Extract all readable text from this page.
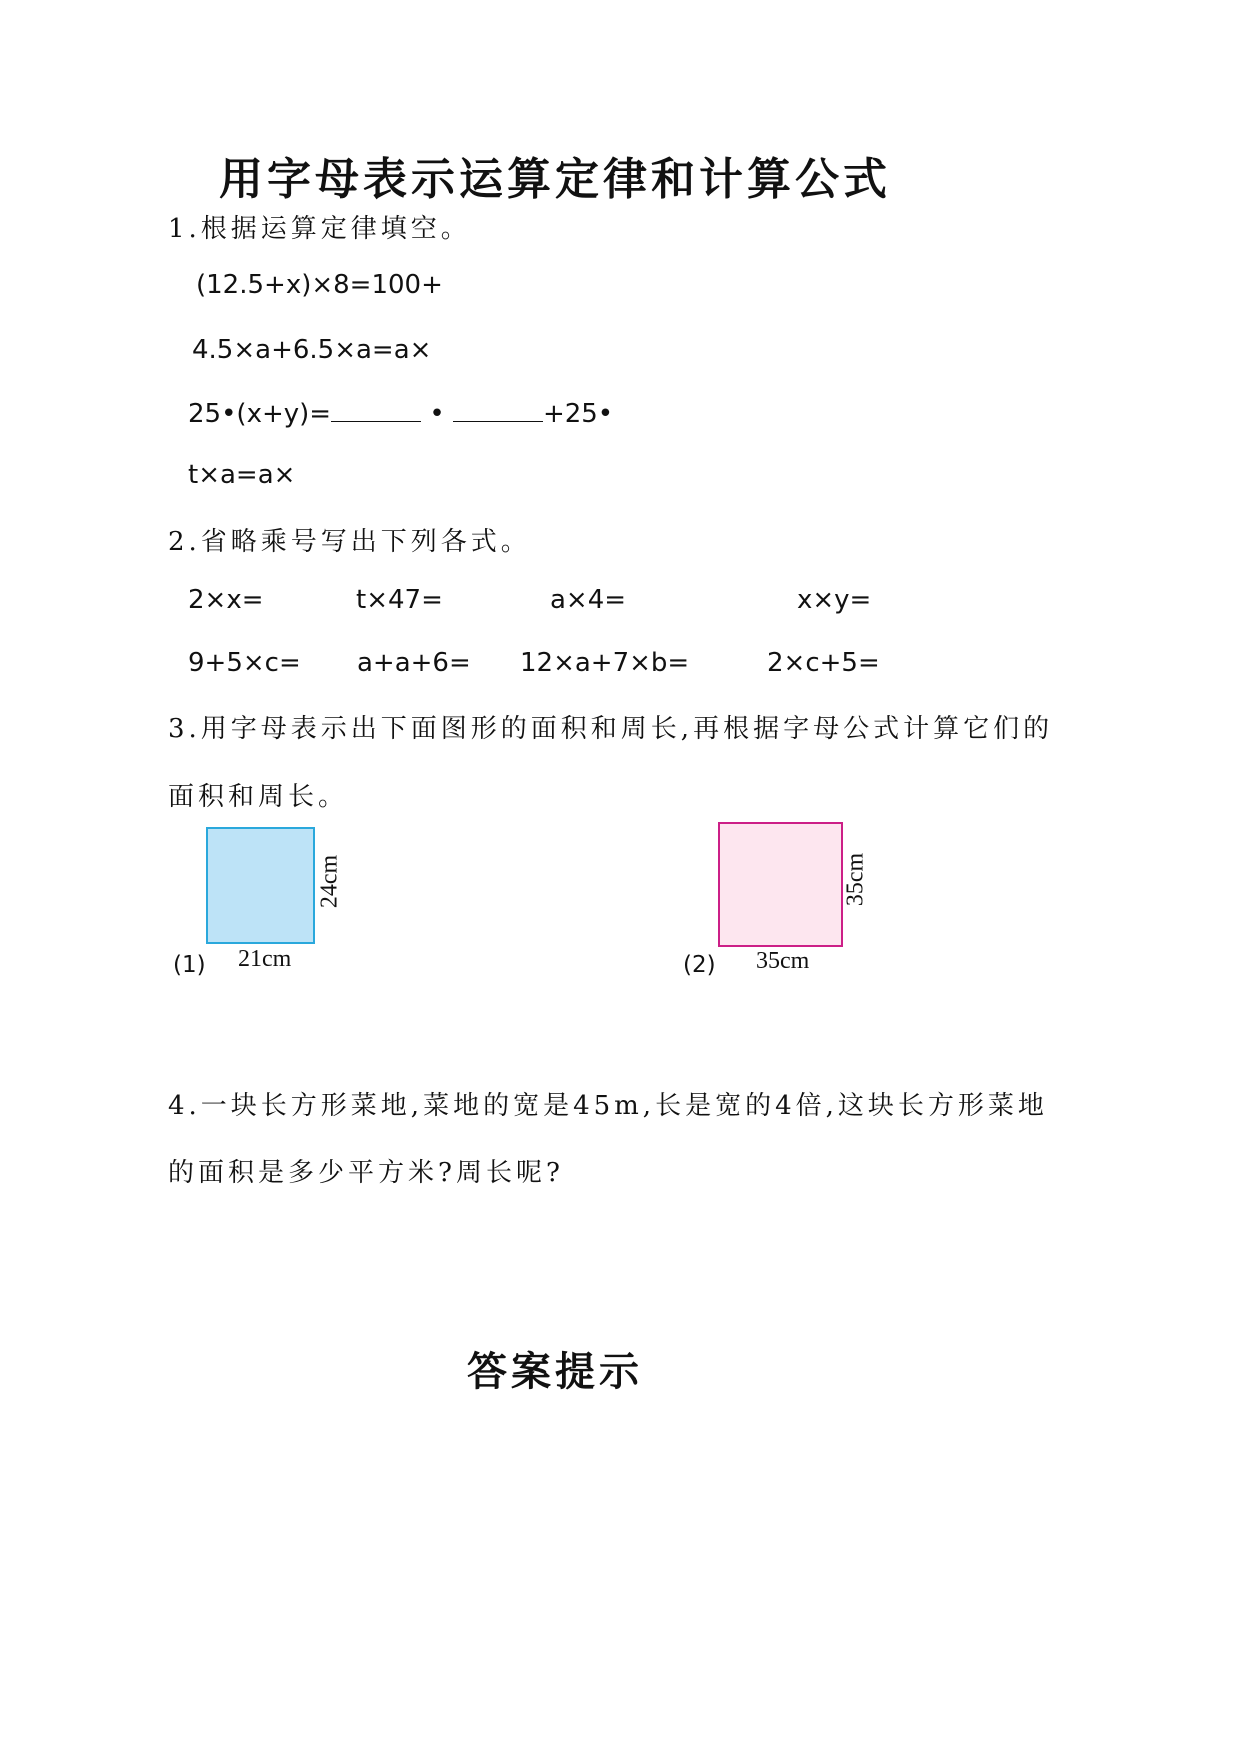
用字母表示运算定律和计算公式
1.根据运算定律填空。
(12.5+x)×8=100+
4.5×a+6.5×a=a×
25•(x+y)=	•	+25•
t×a=a×
2.省略乘号写出下列各式。
2×x=	t×47=	a×4=	x×y=
9+5×c= a+a+6= 12×a+7×b=	2×c+5=
3.用字母表示出下面图形的面积和周长,再根据字母公式计算它们的
面积和周长。
24cm
(1) 21cm
35cm
(2) 35cm
4.一块长方形菜地,菜地的宽是45m,长是宽的4倍,这块长方形菜地
的面积是多少平方米?周长呢?
答案提示
